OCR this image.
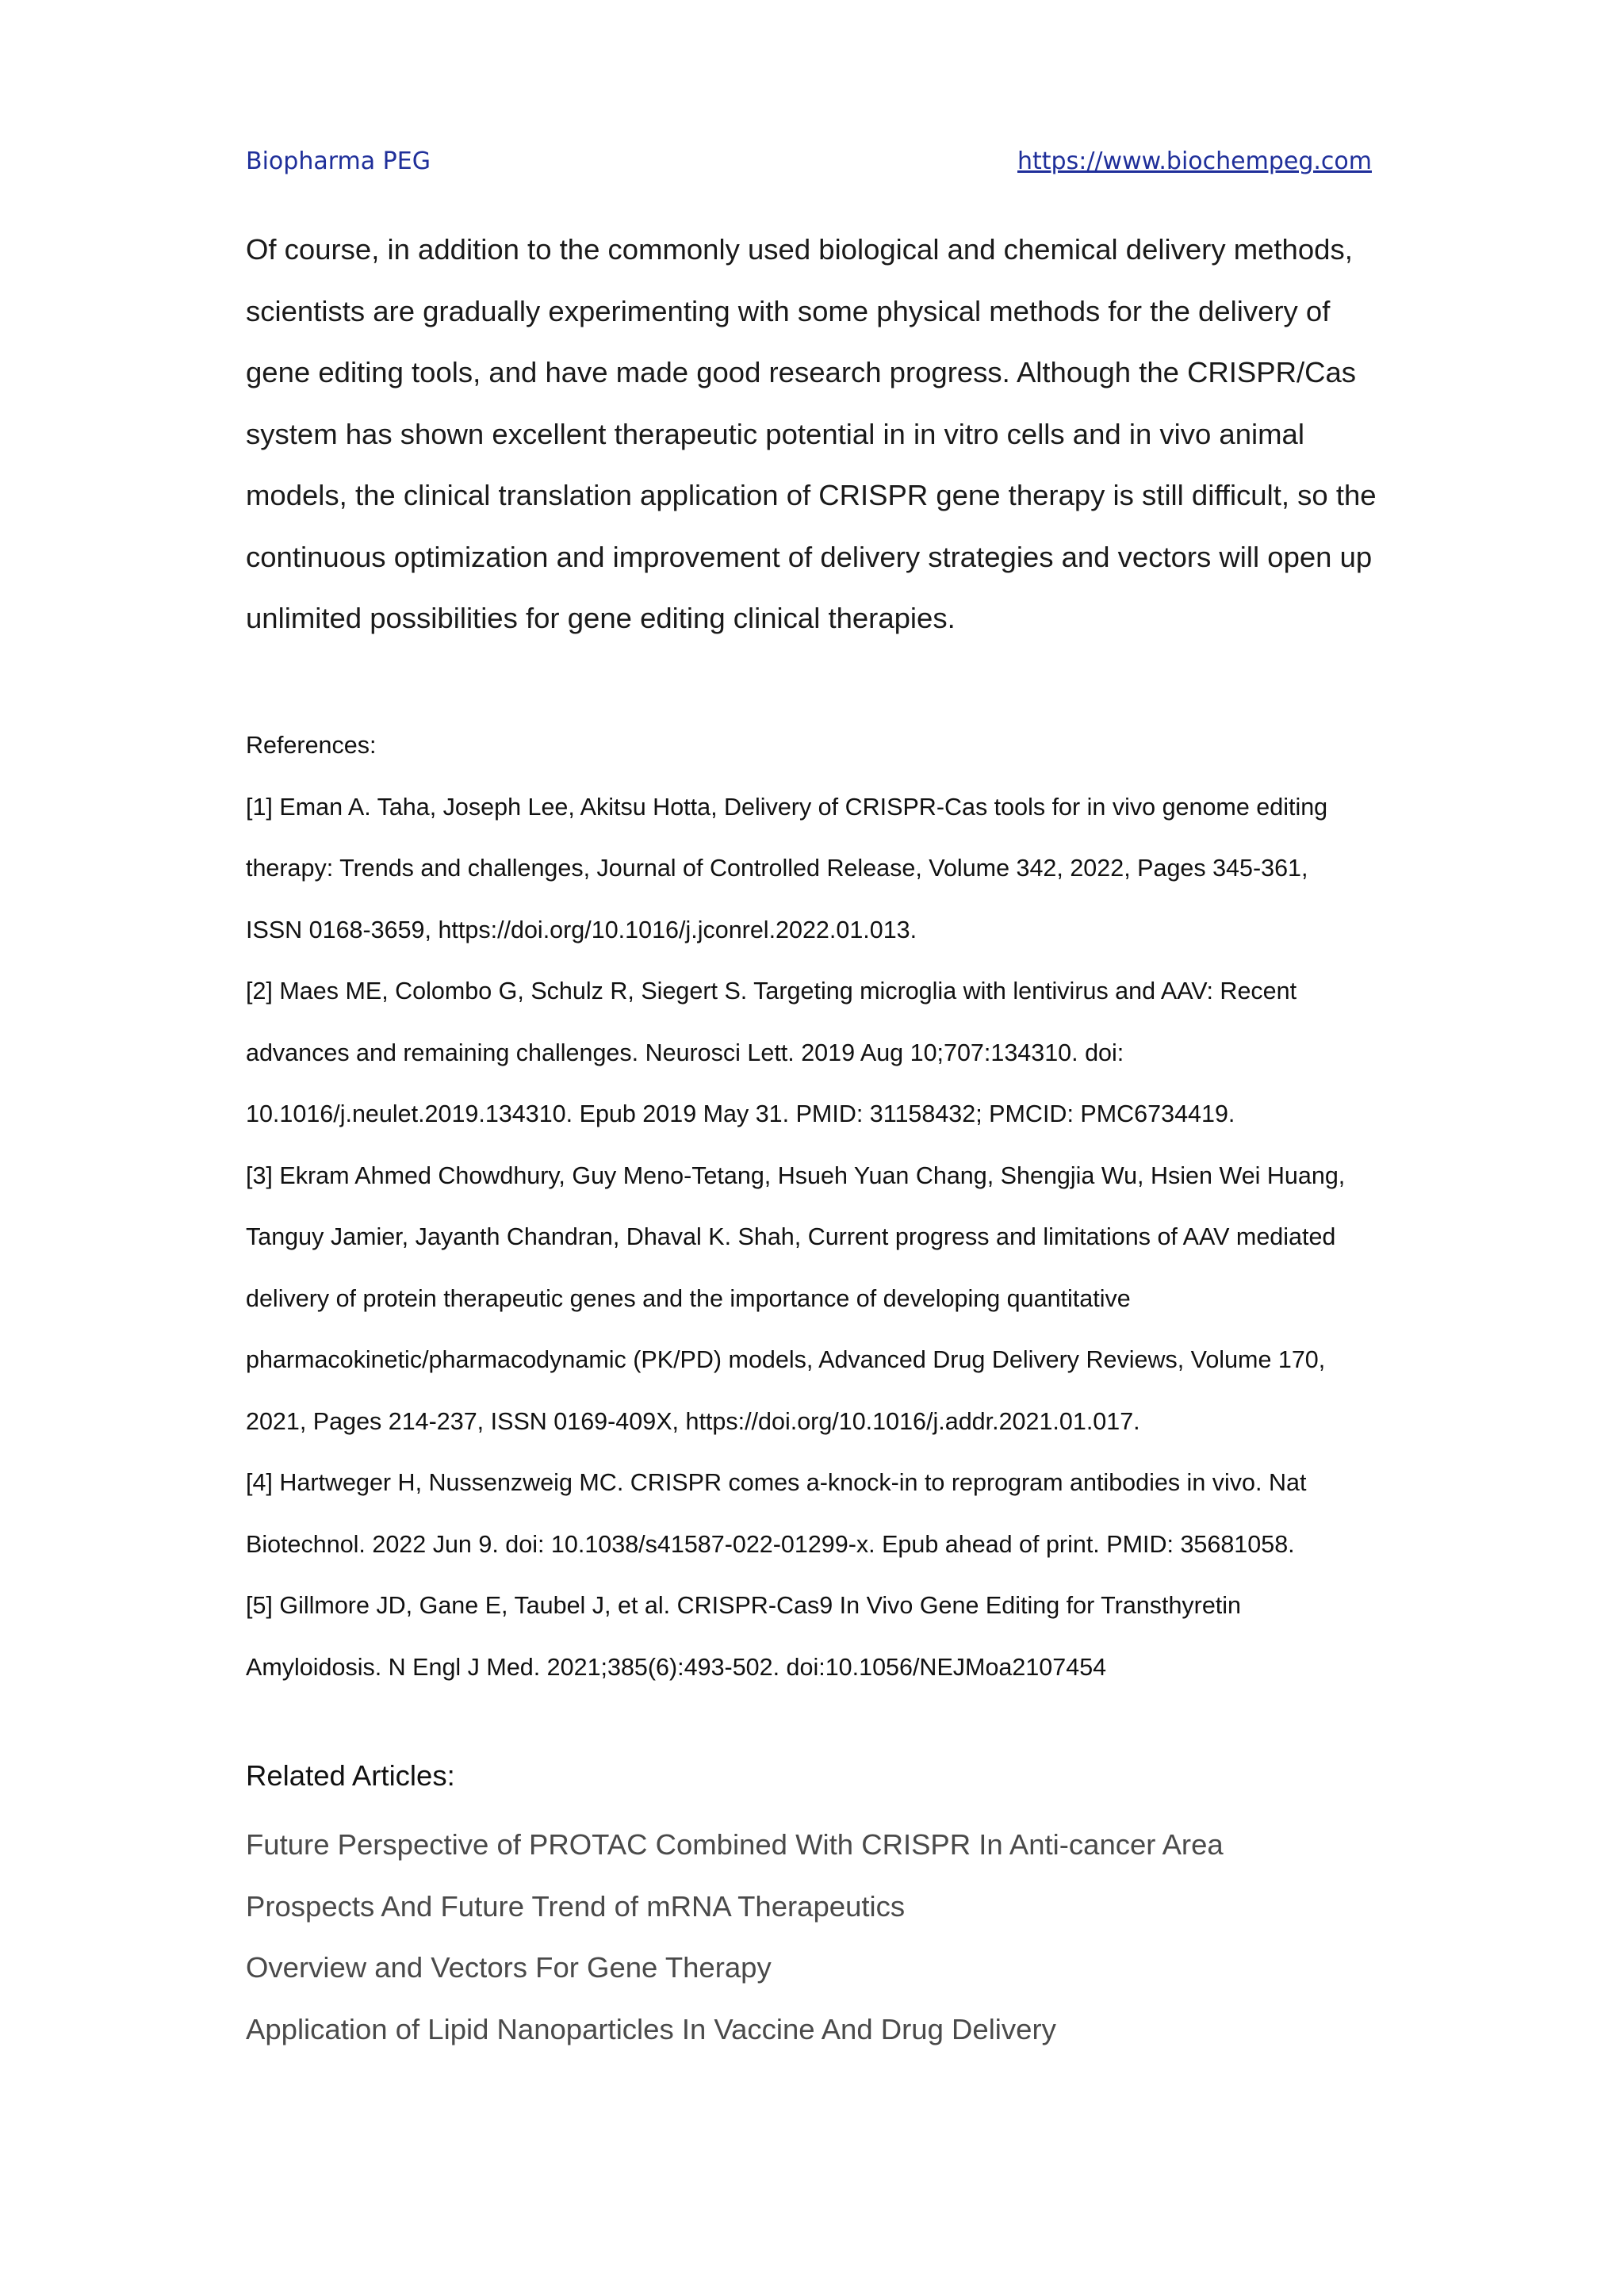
Biopharma PEG	https://www.biochempeg.com
Of course, in addition to the commonly used biological and chemical delivery methods,
scientists are gradually experimenting with some physical methods for the delivery of
gene editing tools, and have made good research progress. Although the CRISPR/Cas
system has shown excellent therapeutic potential in in vitro cells and in vivo animal
models, the clinical translation application of CRISPR gene therapy is still difficult, so the
continuous optimization and improvement of delivery strategies and vectors will open up
unlimited possibilities for gene editing clinical therapies.
References:
[1] Eman A. Taha, Joseph Lee, Akitsu Hotta, Delivery of CRISPR-Cas tools for in vivo genome editing
therapy: Trends and challenges, Journal of Controlled Release, Volume 342, 2022, Pages 345-361,
ISSN 0168-3659, https://doi.org/10.1016/j.jconrel.2022.01.013.
[2] Maes ME, Colombo G, Schulz R, Siegert S. Targeting microglia with lentivirus and AAV: Recent
advances and remaining challenges. Neurosci Lett. 2019 Aug 10;707:134310. doi:
10.1016/j.neulet.2019.134310. Epub 2019 May 31. PMID: 31158432; PMCID: PMC6734419.
[3] Ekram Ahmed Chowdhury, Guy Meno-Tetang, Hsueh Yuan Chang, Shengjia Wu, Hsien Wei Huang,
Tanguy Jamier, Jayanth Chandran, Dhaval K. Shah, Current progress and limitations of AAV mediated
delivery of protein therapeutic genes and the importance of developing quantitative
pharmacokinetic/pharmacodynamic (PK/PD) models, Advanced Drug Delivery Reviews, Volume 170,
2021, Pages 214-237, ISSN 0169-409X, https://doi.org/10.1016/j.addr.2021.01.017.
[4] Hartweger H, Nussenzweig MC. CRISPR comes a-knock-in to reprogram antibodies in vivo. Nat
Biotechnol. 2022 Jun 9. doi: 10.1038/s41587-022-01299-x. Epub ahead of print. PMID: 35681058.
[5] Gillmore JD, Gane E, Taubel J, et al. CRISPR-Cas9 In Vivo Gene Editing for Transthyretin
Amyloidosis. N Engl J Med. 2021;385(6):493-502. doi:10.1056/NEJMoa2107454
Related Articles:
Future Perspective of PROTAC Combined With CRISPR In Anti-cancer Area
Prospects And Future Trend of mRNA Therapeutics
Overview and Vectors For Gene Therapy
Application of Lipid Nanoparticles In Vaccine And Drug Delivery
